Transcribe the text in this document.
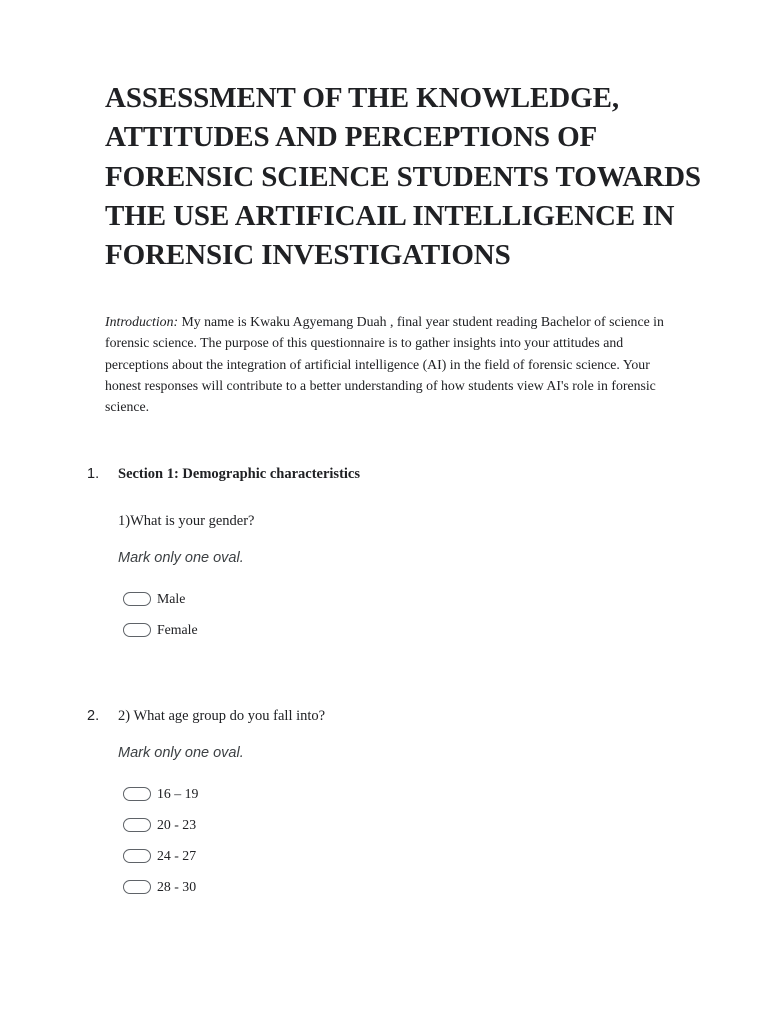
ASSESSMENT OF THE KNOWLEDGE, ATTITUDES AND PERCEPTIONS OF FORENSIC SCIENCE STUDENTS TOWARDS THE USE ARTIFICAIL INTELLIGENCE IN FORENSIC INVESTIGATIONS

Introduction: My name is Kwaku Agyemang Duah , final year student reading Bachelor of science in forensic science. The purpose of this questionnaire is to gather insights into your attitudes and perceptions about the integration of artificial intelligence (AI) in the field of forensic science. Your honest responses will contribute to a better understanding of how students view AI's role in forensic science.

1. Section 1: Demographic characteristics
1)What is your gender?
Mark only one oval.
Male
Female
2. 2) What age group do you fall into?
Mark only one oval.
16 – 19
20 - 23
24 - 27
28 - 30
